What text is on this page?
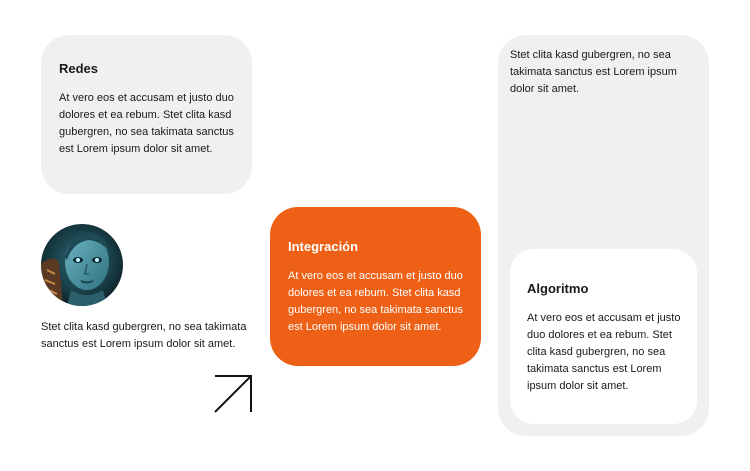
Redes

At vero eos et accusam et justo duo dolores et ea rebum. Stet clita kasd gubergren, no sea takimata sanctus est Lorem ipsum dolor sit amet.

Stet clita kasd gubergren, no sea takimata sanctus est Lorem ipsum dolor sit amet.

Integración

At vero eos et accusam et justo duo dolores et ea rebum. Stet clita kasd gubergren, no sea takimata sanctus est Lorem ipsum dolor sit amet.

Stet clita kasd gubergren, no sea takimata sanctus est Lorem ipsum dolor sit amet.

Algoritmo

At vero eos et accusam et justo duo dolores et ea rebum. Stet clita kasd gubergren, no sea takimata sanctus est Lorem ipsum dolor sit amet.
